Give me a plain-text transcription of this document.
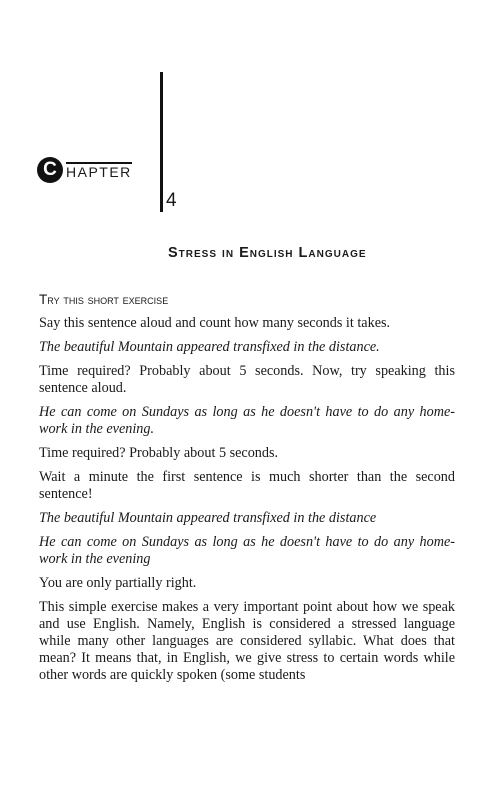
C HAPTER
4
Stress in English Language
Try this short exercise

Say this sentence aloud and count how many seconds it takes.

The beautiful Mountain appeared transfixed in the distance.

Time required? Probably about 5 seconds. Now, try speaking this sentence aloud.

He can come on Sundays as long as he doesn't have to do any home-work in the evening.

Time required? Probably about 5 seconds.

Wait a minute the first sentence is much shorter than the second sentence!

The beautiful Mountain appeared transfixed in the distance

He can come on Sundays as long as he doesn't have to do any home-work in the evening

You are only partially right.

This simple exercise makes a very important point about how we speak and use English. Namely, English is considered a stressed language while many other languages are considered syllabic. What does that mean? It means that, in English, we give stress to certain words while other words are quickly spoken (some students
